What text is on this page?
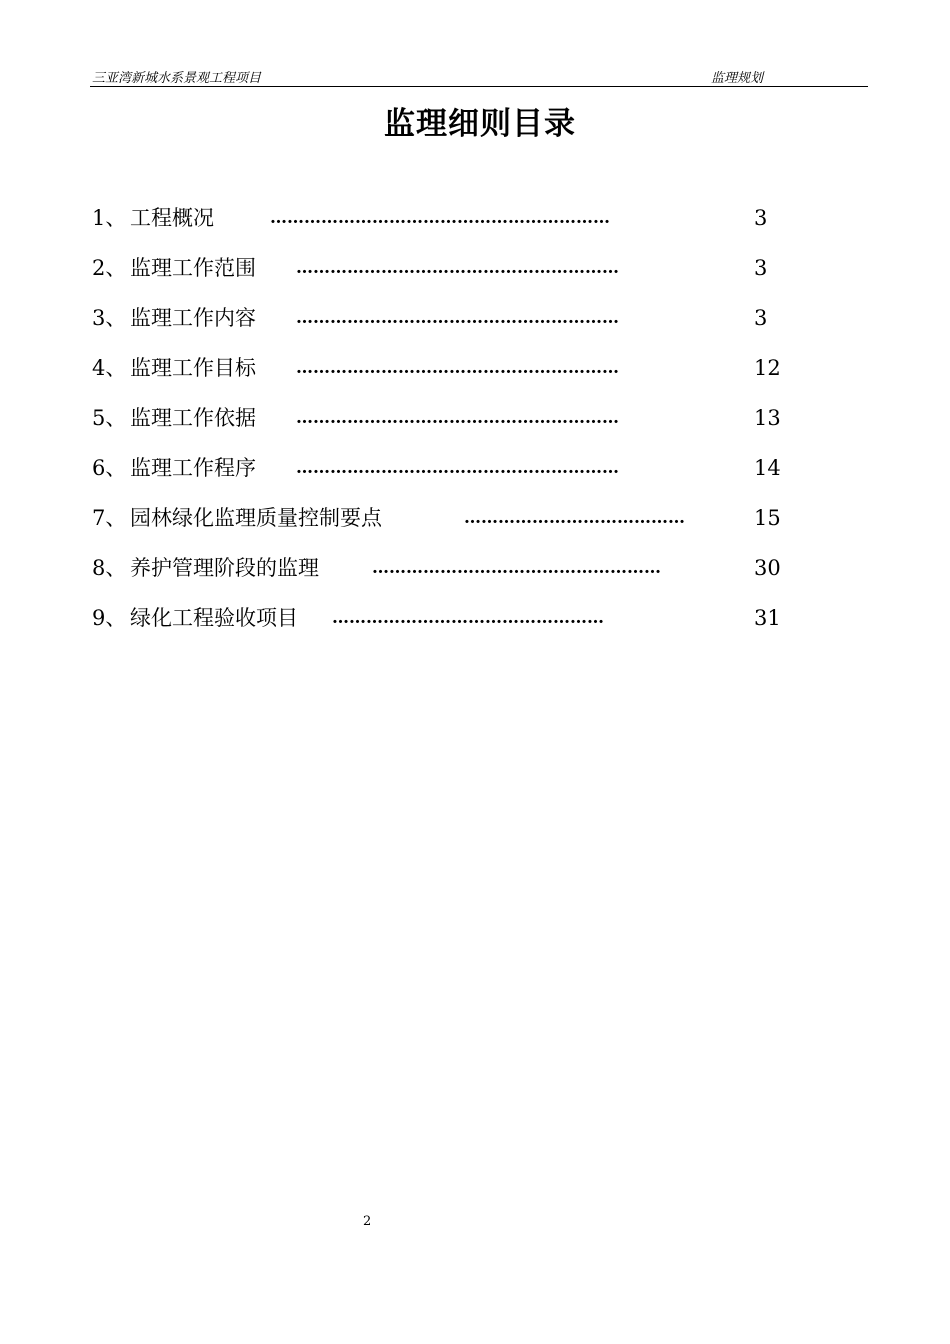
三亚湾新城水系景观工程项目	监理规划
监理细则目录
1、 工程概况	……………………………………………………	3
2、 监理工作范围 …………………………………………………	3
3、 监理工作内容 …………………………………………………	3
4、 监理工作目标 …………………………………………………	12
5、 监理工作依据 …………………………………………………	13
6、 监理工作程序 …………………………………………………	14
7、 园林绿化监理质量控制要点	…………………………………	15
8、 养护管理阶段的监理	……………………………………………	30
9、 绿化工程验收项目 …………………………………………	31
2
